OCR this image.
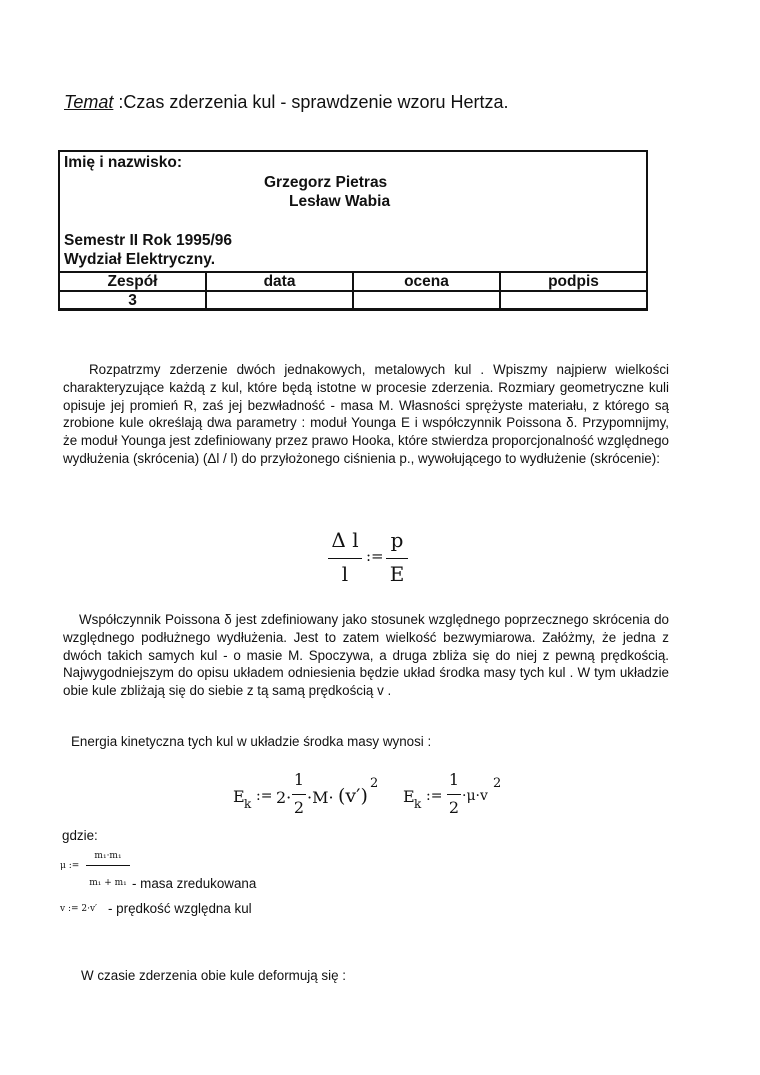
Temat :Czas zderzenia kul - sprawdzenie wzoru Hertza.
Imię i nazwisko:
Grzegorz Pietras
Lesław Wabia
Semestr II Rok 1995/96
Wydział Elektryczny.
Zespół	data	ocena	podpis
3			

Rozpatrzmy zderzenie dwóch jednakowych, metalowych kul . Wpiszmy najpierw wielkości charakteryzujące każdą z kul, które będą istotne w procesie zderzenia. Rozmiary geometryczne kuli opisuje jej promień R, zaś jej bezwładność - masa M. Własności sprężyste materiału, z którego są zrobione kule określają dwa parametry : moduł Younga E i współczynnik Poissona δ. Przypomnijmy, że moduł Younga jest zdefiniowany przez prawo Hooka, które stwierdza proporcjonalność względnego wydłużenia (skrócenia) (Δl / l) do przyłożonego ciśnienia p., wywołującego to wydłużenie (skrócenie):

Δ l
l
:=
p
E

Współczynnik Poissona δ jest zdefiniowany jako stosunek względnego poprzecznego skrócenia do względnego podłużnego wydłużenia. Jest to zatem wielkość bezwymiarowa. Załóżmy, że jedna z dwóch takich samych kul - o masie M. Spoczywa, a druga zbliża się do niej z pewną prędkością. Najwygodniejszym do opisu układem odniesienia będzie układ środka masy tych kul . W tym układzie obie kule zbliżają się do siebie z tą samą prędkością v .

Energia kinetyczna tych kul w układzie środka masy wynosi :

E k := 2·
1
2
·M· (v′)
2
E k :=
1
2
·μ·v
2
gdzie:
μ :=
m₁·m₁
m₁ + m₁ - masa zredukowana
v := 2·v′ - prędkość względna kul

W czasie zderzenia obie kule deformują się :
